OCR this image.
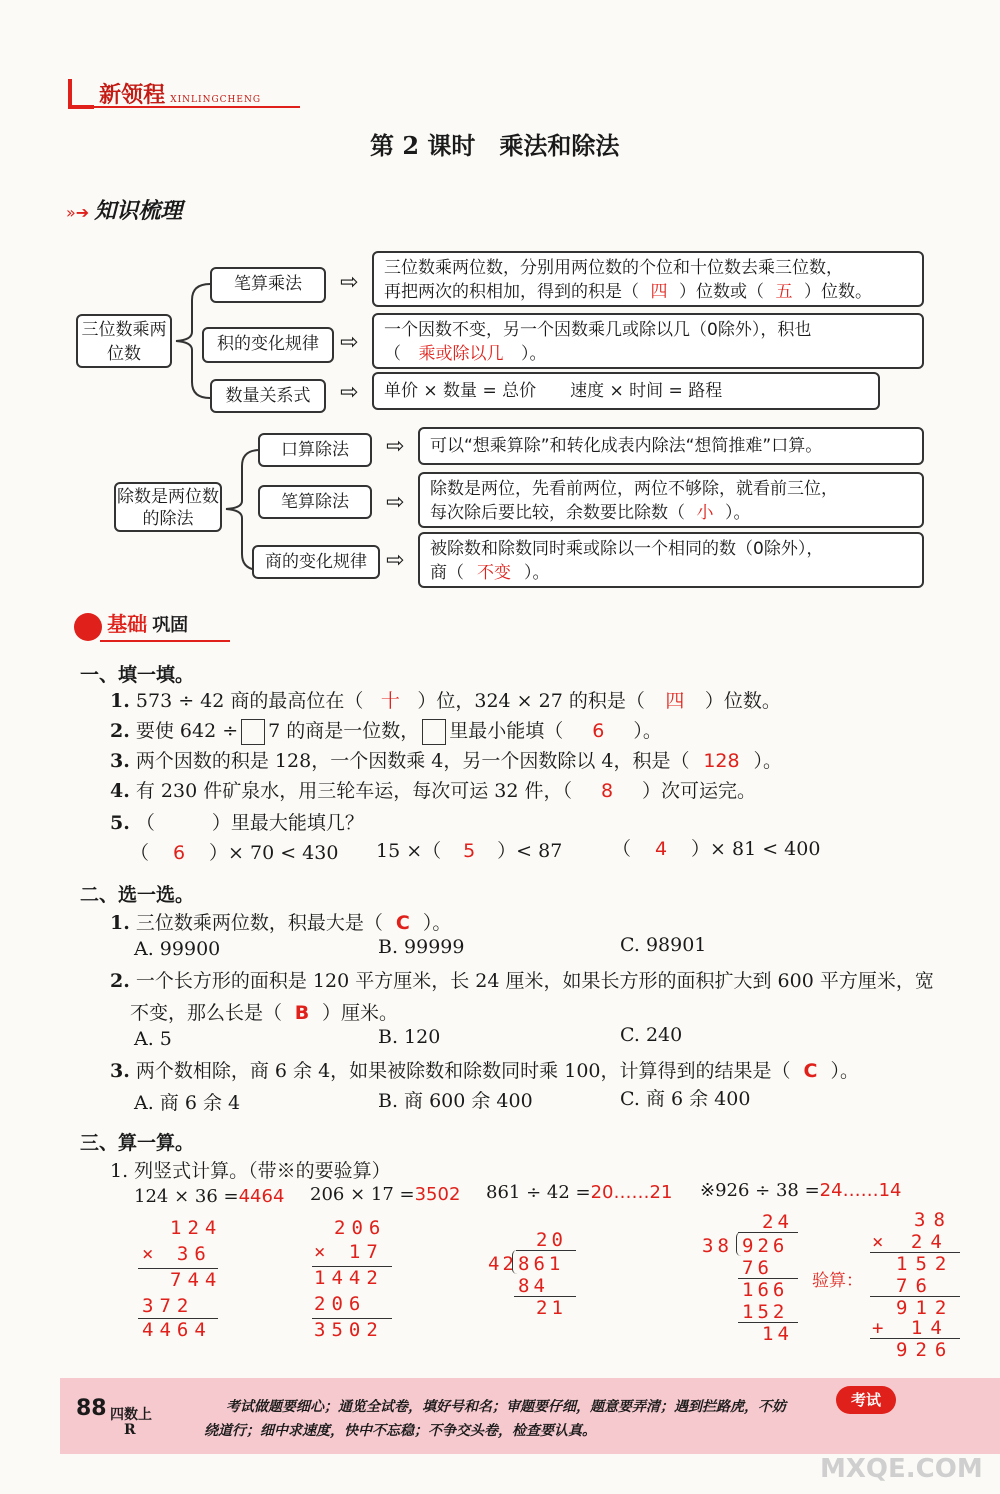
新领程 XINLINGCHENG
第 2 课时　乘法和除法
»➔ 知识梳理
三位数乘两位数
笔算乘法	⇨
三位数乘两位数，分别用两位数的个位和十位数去乘三位数，
再把两次的积相加，得到的积是（ 四 ）位数或（ 五 ）位数。
积的变化规律 ⇨ 一个因数不变，另一个因数乘几或除以几（0除外），积也
（ 乘或除以几 ）。
数量关系式	⇨	单价 × 数量 = 总价　　速度 × 时间 = 路程
除数是两位数的除法
口算除法	⇨	可以“想乘算除”和转化成表内除法“想简推难”口算。
笔算除法	⇨
除数是两位，先看前两位，两位不够除，就看前三位，
每次除后要比较，余数要比除数（ 小 ）。
商的变化规律 ⇨ 被除数和除数同时乘或除以一个相同的数（0除外），
商（ 不变 ）。
基础 巩固
一、填一填。
1. 573 ÷ 42 商的最高位在（ 十 ）位，324 × 27 的积是（ 四 ）位数。
2. 要使 642 ÷ 7 的商是一位数， 里最小能填（ 6 ）。
3. 两个因数的积是 128，一个因数乘 4，另一个因数除以 4，积是（ 128 ）。
4. 有 230 件矿泉水，用三轮车运，每次可运 32 件，（ 8 ）次可运完。
5. （　　　）里最大能填几？
（ 6 ）× 70 < 430 15 ×（ 5 ）< 87	（ 4 ）× 81 < 400
二、选一选。
1. 三位数乘两位数，积最大是（ C ）。
A. 99900	B. 99999	C. 98901
2. 一个长方形的面积是 120 平方厘米，长 24 厘米，如果长方形的面积扩大到 600 平方厘米，宽
不变，那么长是（ B ）厘米。
A. 5	B. 120	C. 240
3. 两个数相除，商 6 余 4，如果被除数和除数同时乘 100，计算得到的结果是（ C ）。
A. 商 6 余 4	B. 商 600 余 400	C. 商 6 余 400
三、算一算。
1. 列竖式计算。（带※的要验算）
124 × 36 =4464 206 × 17 =3502 861 ÷ 42 =20……21 ※926 ÷ 38 =24……14
124
× 36
744
372
4464
206
× 17
1442
206
3502
20
42 861
84
21
24
38 926
76
166
152
14
验算：
38
× 24
152
76
912
+ 14
926
88 四数上
R
考试做题要细心；通览全试卷，填好号和名；审题要仔细，题意要弄清；遇到拦路虎，不妨
绕道行；细中求速度，快中不忘稳；不争交头卷，检查要认真。
考试
MXQE.COM
